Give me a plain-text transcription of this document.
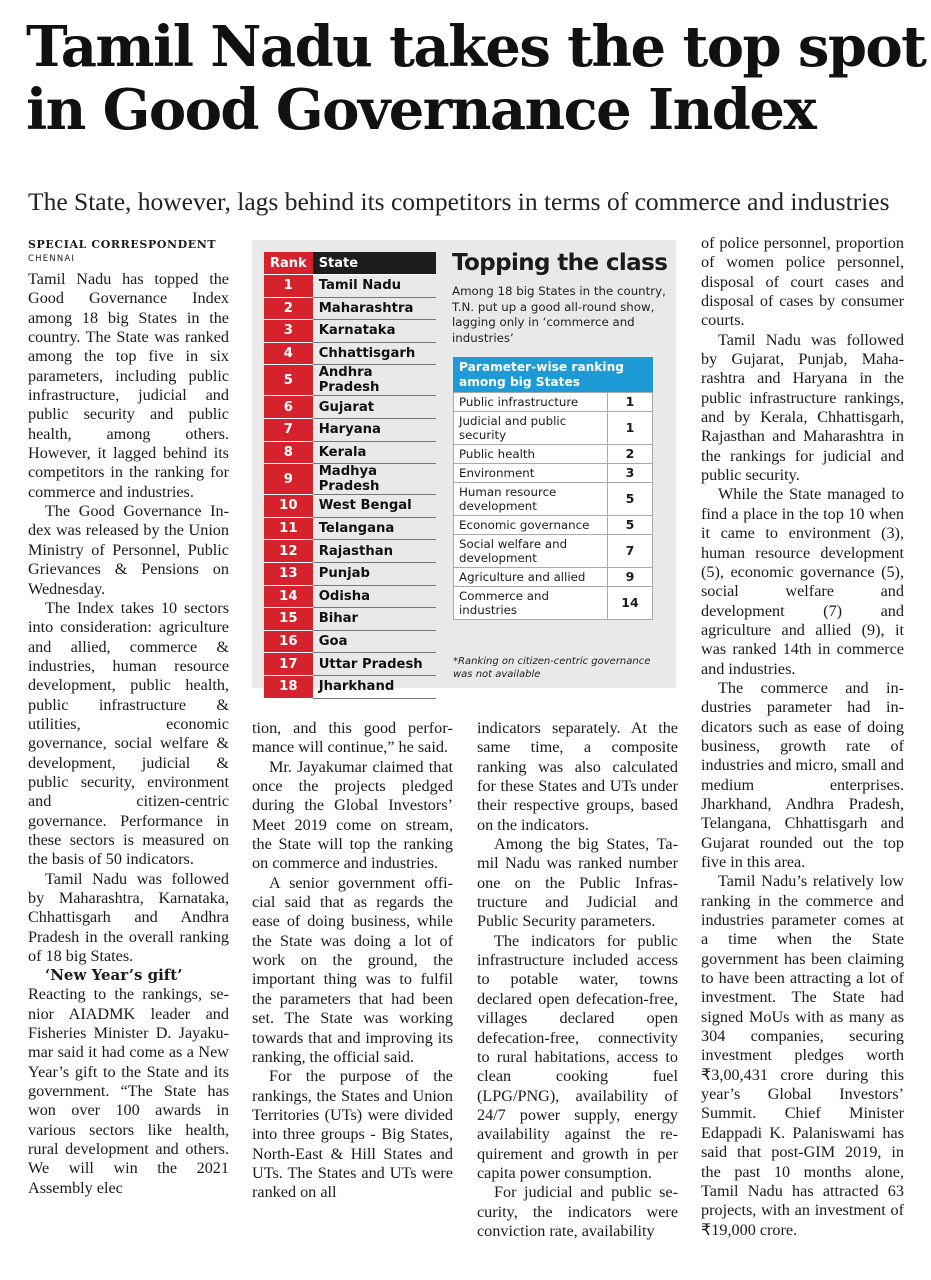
Tamil Nadu takes the top spot
in Good Governance Index
The State, however, lags behind its competitors in terms of commerce and industries
SPECIAL CORRESPONDENT
CHENNAI

Tamil Nadu has topped the Good Governance Index among 18 big States in the country. The State was ranked among the top five in six parameters, including public infrastructure, judicial and public security and public health, among others. However, it lagged behind its competitors in the ranking for commerce and industries.

The Good Governance Index was released by the Union Ministry of Personnel, Public Grievances & Pensions on Wednesday.

The Index takes 10 sectors into consideration: agriculture and allied, commerce & industries, human resource development, public health, public infrastructure & utilities, economic governance, social welfare & development, judicial & public security, environment and citizen-centric governance. Performance in these sectors is measured on the basis of 50 indicators.

Tamil Nadu was followed by Maharashtra, Karnataka, Chhattisgarh and Andhra Pradesh in the overall ranking of 18 big States.

‘New Year’s gift’

Reacting to the rankings, senior AIADMK leader and Fisheries Minister D. Jayakumar said it had come as a New Year’s gift to the State and its government. “The State has won over 100 awards in various sectors like health, rural development and others. We will win the 2021 Assembly elec

Rank	State
1	Tamil Nadu
2	Maharashtra
3	Karnataka
4	Chhattisgarh
5	Andhra Pradesh
6	Gujarat
7	Haryana
8	Kerala
9	Madhya Pradesh
10	West Bengal
11	Telangana
12	Rajasthan
13	Punjab
14	Odisha
15	Bihar
16	Goa
17	Uttar Pradesh
18	Jharkhand
Topping the class
Among 18 big States in the country, T.N. put up a good all-round show, lagging only in ‘commerce and industries’
Parameter-wise ranking among big States
Public infrastructure	1
Judicial and public security	1
Public health	2
Environment	3
Human resource development	5
Economic governance	5
Social welfare and development	7
Agriculture and allied	9
Commerce and industries	14
*Ranking on citizen-centric governance was not available

tion, and this good performance will continue,” he said.

Mr. Jayakumar claimed that once the projects pledged during the Global Investors’ Meet 2019 come on stream, the State will top the ranking on commerce and industries.

A senior government official said that as regards the ease of doing business, while the State was doing a lot of work on the ground, the important thing was to fulfil the parameters that had been set. The State was working towards that and improving its ranking, the official said.

For the purpose of the rankings, the States and Union Territories (UTs) were divided into three groups - Big States, North-East & Hill States and UTs. The States and UTs were ranked on all

indicators separately. At the same time, a composite ranking was also calculated for these States and UTs under their respective groups, based on the indicators.

Among the big States, Tamil Nadu was ranked number one on the Public Infrastructure and Judicial and Public Security parameters.

The indicators for public infrastructure included access to potable water, towns declared open defecation-free, villages declared open defecation-free, connectivity to rural habitations, access to clean cooking fuel (LPG/PNG), availability of 24/7 power supply, energy availability against the requirement and growth in per capita power consumption.

For judicial and public security, the indicators were conviction rate, availability

of police personnel, proportion of women police personnel, disposal of court cases and disposal of cases by consumer courts.

Tamil Nadu was followed by Gujarat, Punjab, Maharashtra and Haryana in the public infrastructure rankings, and by Kerala, Chhattisgarh, Rajasthan and Maharashtra in the rankings for judicial and public security.

While the State managed to find a place in the top 10 when it came to environment (3), human resource development (5), economic governance (5), social welfare and development (7) and agriculture and allied (9), it was ranked 14th in commerce and industries.

The commerce and industries parameter had indicators such as ease of doing business, growth rate of industries and micro, small and medium enterprises. Jharkhand, Andhra Pradesh, Telangana, Chhattisgarh and Gujarat rounded out the top five in this area.

Tamil Nadu’s relatively low ranking in the commerce and industries parameter comes at a time when the State government has been claiming to have been attracting a lot of investment. The State had signed MoUs with as many as 304 companies, securing investment pledges worth ₹3,00,431 crore during this year’s Global Investors’ Summit. Chief Minister Edappadi K. Palaniswami has said that post-GIM 2019, in the past 10 months alone, Tamil Nadu has attracted 63 projects, with an investment of ₹19,000 crore.
